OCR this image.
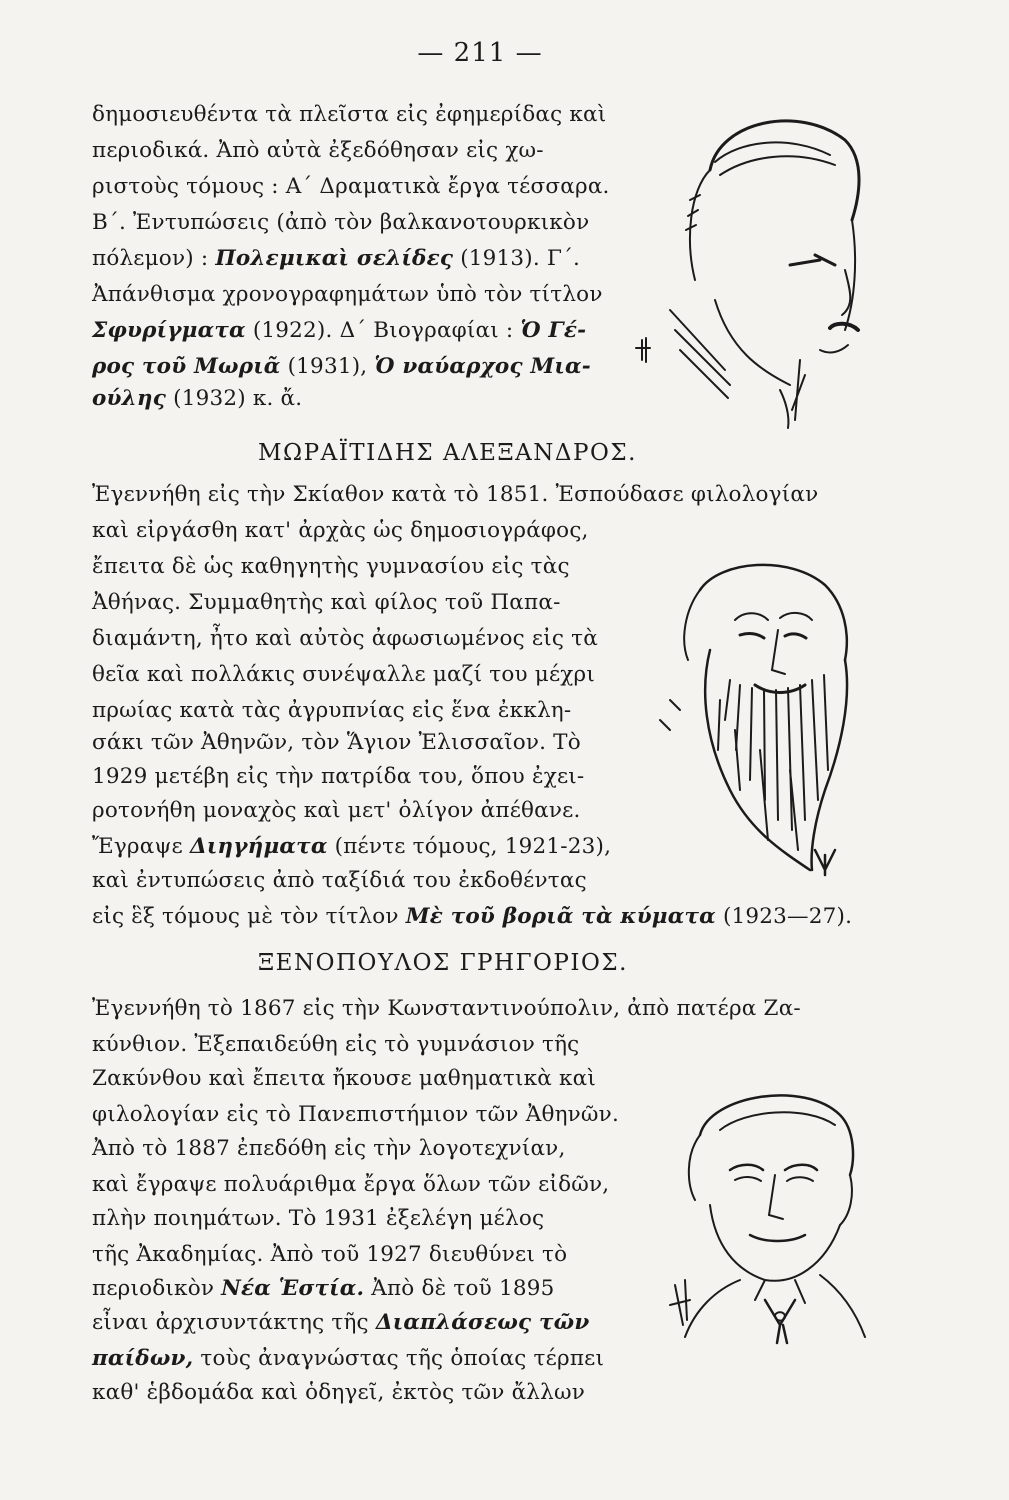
— 211 —
δημοσιευθέντα τὰ πλεῖστα εἰς ἐφημερίδας καὶ
περιοδικά. Ἀπὸ αὐτὰ ἐξεδόθησαν εἰς χω-
ριστοὺς τόμους : Α΄ Δραματικὰ ἔργα τέσσαρα.
Β΄. Ἐντυπώσεις (ἀπὸ τὸν βαλκανοτουρκικὸν
πόλεμον) : Πολεμικαὶ σελίδες (1913). Γ΄.
Ἀπάνθισμα χρονογραφημάτων ὑπὸ τὸν τίτλον
Σφυρίγματα (1922). Δ΄ Βιογραφίαι : Ὁ Γέ-
ρος τοῦ Μωριᾶ (1931), Ὁ ναύαρχος Μια-
ούλης (1932) κ. ἄ.
ΜΩΡΑΪΤΙΔΗΣ ΑΛΕΞΑΝΔΡΟΣ.
Ἐγεννήθη εἰς τὴν Σκίαθον κατὰ τὸ 1851. Ἐσπούδασε φιλολογίαν
καὶ εἰργάσθη κατ' ἀρχὰς ὡς δημοσιογράφος,
ἔπειτα δὲ ὡς καθηγητὴς γυμνασίου εἰς τὰς
Ἀθήνας. Συμμαθητὴς καὶ φίλος τοῦ Παπα-
διαμάντη, ἦτο καὶ αὐτὸς ἀφωσιωμένος εἰς τὰ
θεῖα καὶ πολλάκις συνέψαλλε μαζί του μέχρι
πρωίας κατὰ τὰς ἀγρυπνίας εἰς ἕνα ἐκκλη-
σάκι τῶν Ἀθηνῶν, τὸν Ἅγιον Ἐλισσαῖον. Τὸ
1929 μετέβη εἰς τὴν πατρίδα του, ὅπου ἐχει-
ροτονήθη μοναχὸς καὶ μετ' ὀλίγον ἀπέθανε.
Ἔγραψε Διηγήματα (πέντε τόμους, 1921-23),
καὶ ἐντυπώσεις ἀπὸ ταξίδιά του ἐκδοθέντας
εἰς ἓξ τόμους μὲ τὸν τίτλον Μὲ τοῦ βοριᾶ τὰ κύματα (1923—27).
ΞΕΝΟΠΟΥΛΟΣ ΓΡΗΓΟΡΙΟΣ.
Ἐγεννήθη τὸ 1867 εἰς τὴν Κωνσταντινούπολιν, ἀπὸ πατέρα Ζα-
κύνθιον. Ἐξεπαιδεύθη εἰς τὸ γυμνάσιον τῆς
Ζακύνθου καὶ ἔπειτα ἤκουσε μαθηματικὰ καὶ
φιλολογίαν εἰς τὸ Πανεπιστήμιον τῶν Ἀθηνῶν.
Ἀπὸ τὸ 1887 ἐπεδόθη εἰς τὴν λογοτεχνίαν,
καὶ ἔγραψε πολυάριθμα ἔργα ὅλων τῶν εἰδῶν,
πλὴν ποιημάτων. Τὸ 1931 ἐξελέγη μέλος
τῆς Ἀκαδημίας. Ἀπὸ τοῦ 1927 διευθύνει τὸ
περιοδικὸν Νέα Ἑστία. Ἀπὸ δὲ τοῦ 1895
εἶναι ἀρχισυντάκτης τῆς Διαπλάσεως τῶν
παίδων, τοὺς ἀναγνώστας τῆς ὁποίας τέρπει
καθ' ἑβδομάδα καὶ ὁδηγεῖ, ἐκτὸς τῶν ἄλλων
